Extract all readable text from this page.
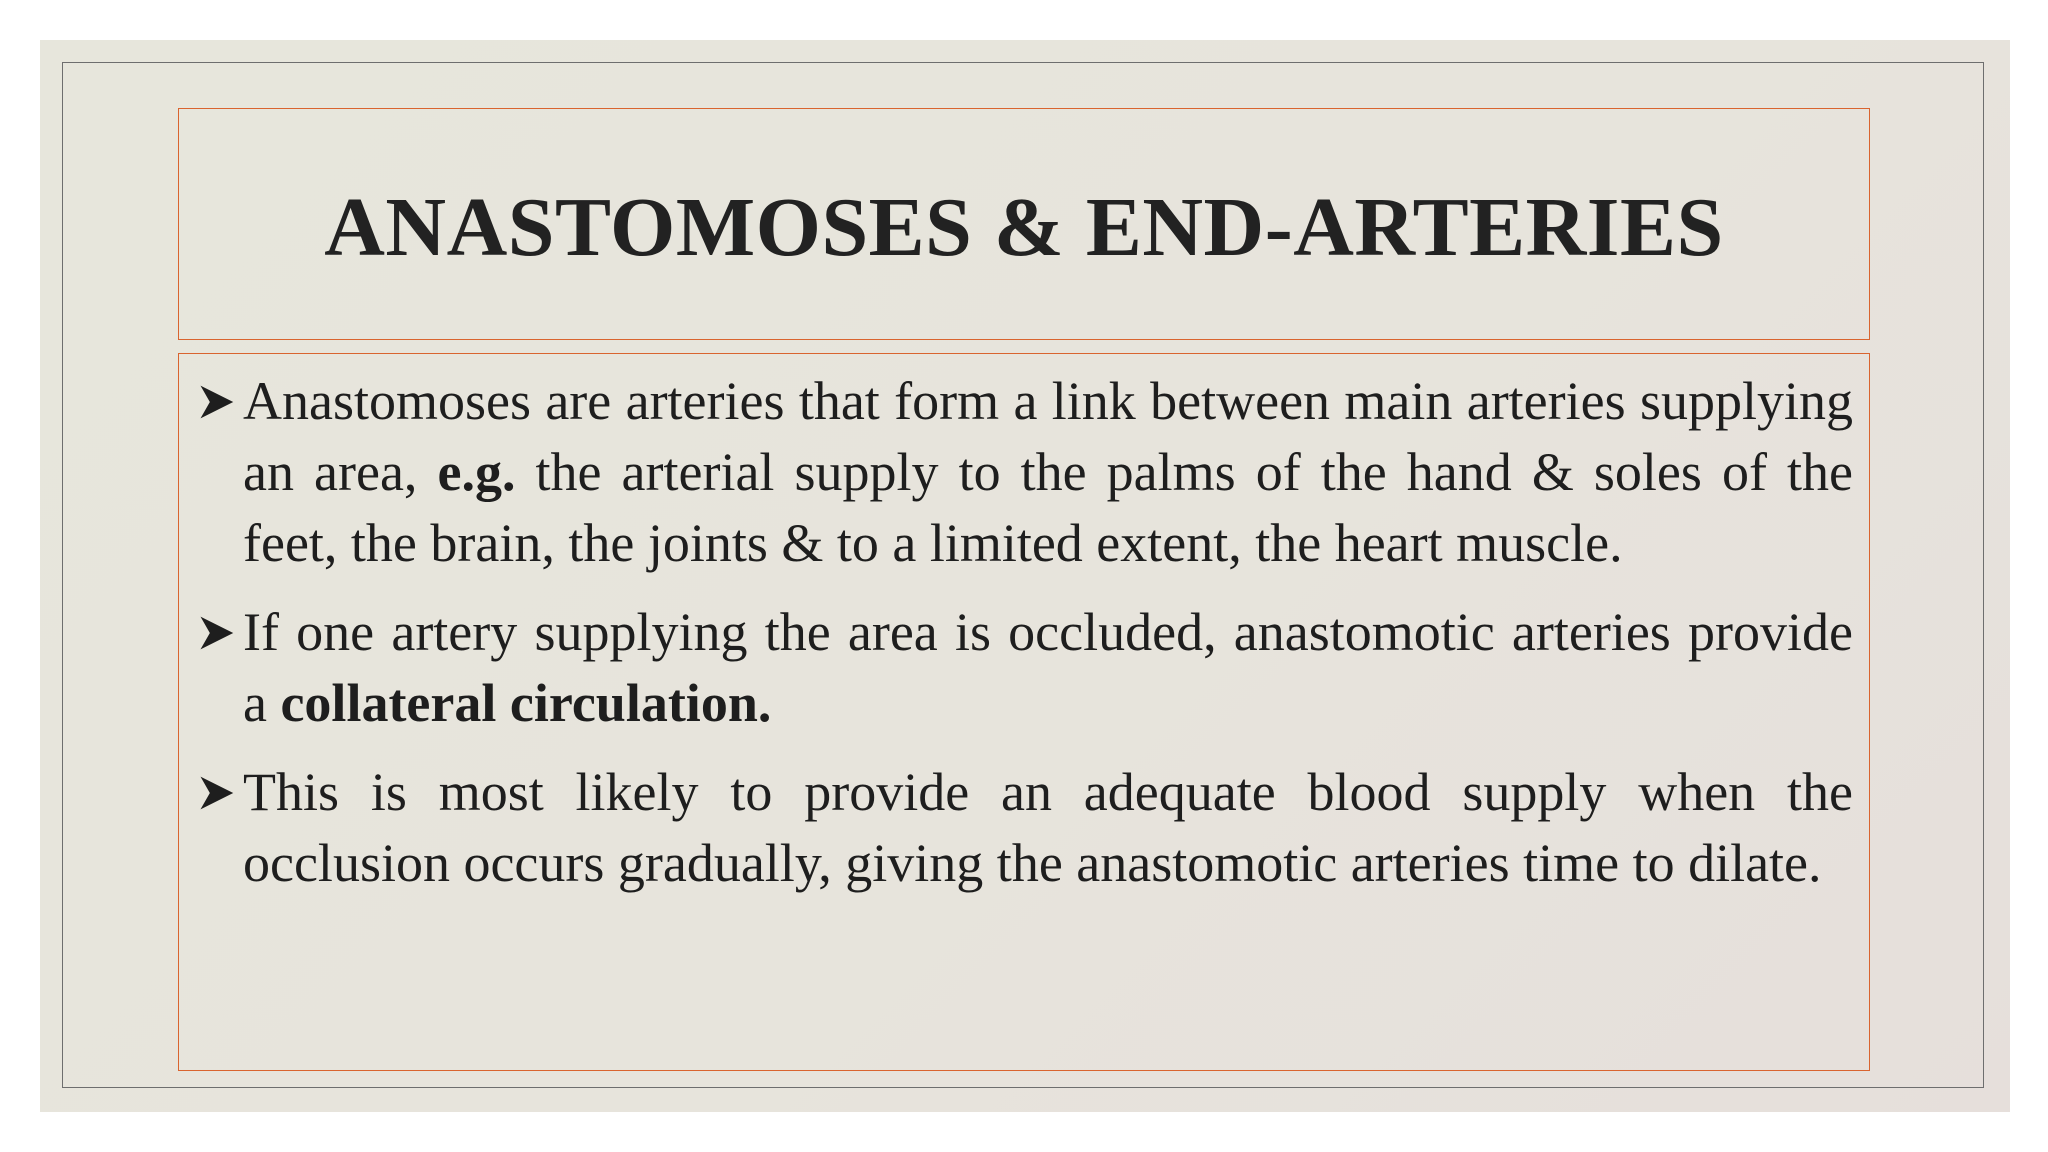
ANASTOMOSES & END-ARTERIES

Anastomoses are arteries that form a link between main arteries supplying an area, e.g. the arterial supply to the palms of the hand & soles of the feet, the brain, the joints & to a limited extent, the heart muscle.

If one artery supplying the area is occluded, anastomotic arteries provide a collateral circulation.

This is most likely to provide an adequate blood supply when the occlusion occurs gradually, giving the anastomotic arteries time to dilate.
